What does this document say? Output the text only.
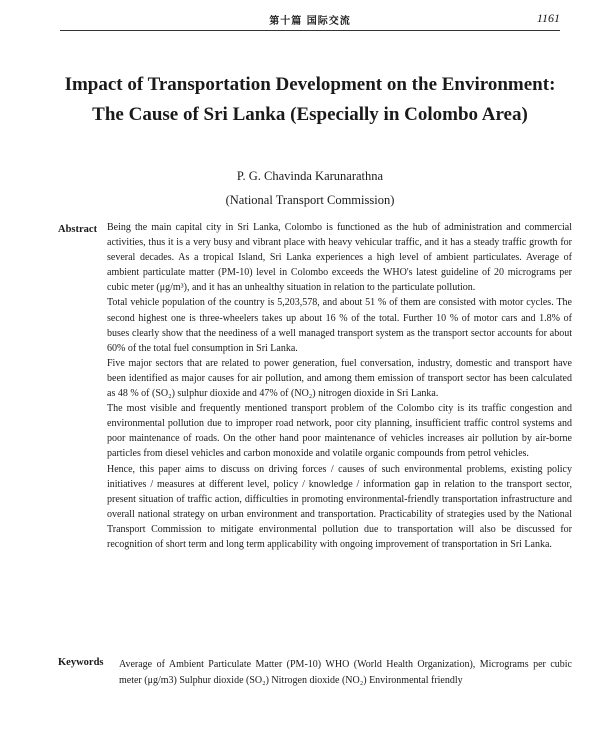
第十篇 国际交流	1161
Impact of Transportation Development on the Environment: The Cause of Sri Lanka (Especially in Colombo Area)
P. G. Chavinda Karunarathna
(National Transport Commission)
Abstract Being the main capital city in Sri Lanka, Colombo is functioned as the hub of administration and commercial activities, thus it is a very busy and vibrant place with heavy vehicular traffic, and it has a steady traffic growth for several decades. As a tropical Island, Sri Lanka experiences a high level of ambient particulates. Average of ambient particulate matter (PM-10) level in Colombo exceeds the WHO's latest guideline of 20 micrograms per cubic meter (μg/m³), and it has an unhealthy situation in relation to the particulate pollution.

Total vehicle population of the country is 5,203,578, and about 51 % of them are consisted with motor cycles. The second highest one is three-wheelers takes up about 16 % of the total. Further 10 % of motor cars and 1.8% of buses clearly show that the neediness of a well managed transport system as the transport sector accounts for about 60% of the total fuel consumption in Sri Lanka.

Five major sectors that are related to power generation, fuel conversation, industry, domestic and transport have been identified as major causes for air pollution, and among them emission of transport sector has been calculated as 48 % of (SO₂) sulphur dioxide and 47% of (NO₂) nitrogen dioxide in Sri Lanka.

The most visible and frequently mentioned transport problem of the Colombo city is its traffic congestion and environmental pollution due to improper road network, poor city planning, insufficient traffic control systems and poor maintenance of roads. On the other hand poor maintenance of vehicles increases air pollution by air-borne particles from diesel vehicles and carbon monoxide and volatile organic compounds from petrol vehicles.

Hence, this paper aims to discuss on driving forces / causes of such environmental problems, existing policy initiatives / measures at different level, policy / knowledge / information gap in relation to the transport sector, present situation of traffic action, difficulties in promoting environmental-friendly transportation infrastructure and overall national strategy on urban environment and transportation. Practicability of strategies used by the National Transport Commission to mitigate environmental pollution due to transportation will also be discussed for recognition of short term and long term applicability with ongoing improvement of transportation in Sri Lanka.

Keywords Average of Ambient Particulate Matter (PM-10) WHO (World Health Organization), Micrograms per cubic meter (μg/m3) Sulphur dioxide (SO₂) Nitrogen dioxide (NO₂) Environmental friendly
